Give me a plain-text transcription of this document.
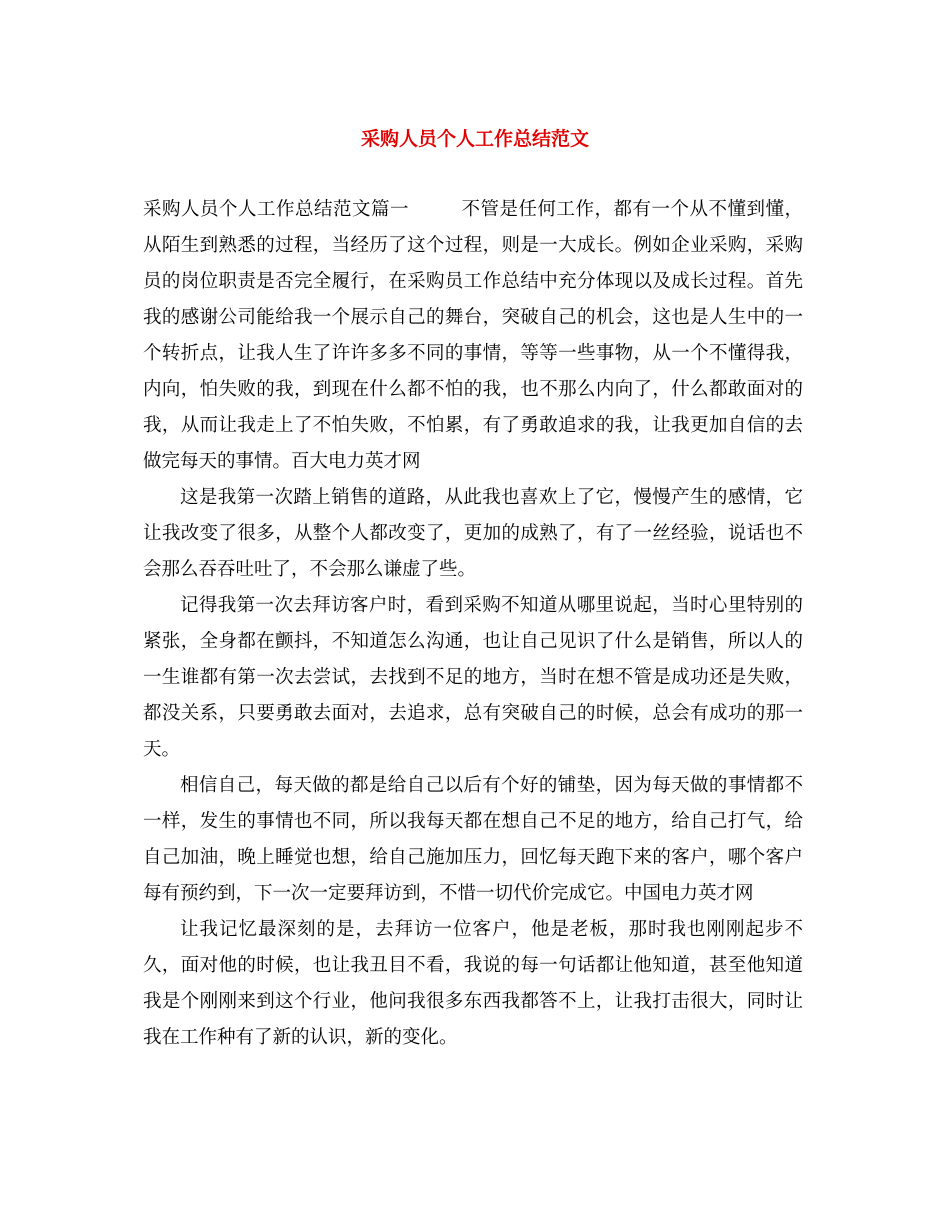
采购人员个人工作总结范文

采购人员个人工作总结范文篇一	不管是任何工作，都有一个从不懂到懂，从陌生到熟悉的过程，当经历了这个过程，则是一大成长。例如企业采购，采购员的岗位职责是否完全履行，在采购员工作总结中充分体现以及成长过程。首先我的感谢公司能给我一个展示自己的舞台，突破自己的机会，这也是人生中的一个转折点，让我人生了许许多多不同的事情，等等一些事物，从一个不懂得我，内向，怕失败的我，到现在什么都不怕的我，也不那么内向了，什么都敢面对的我，从而让我走上了不怕失败，不怕累，有了勇敢追求的我，让我更加自信的去做完每天的事情。百大电力英才网

这是我第一次踏上销售的道路，从此我也喜欢上了它，慢慢产生的感情，它让我改变了很多，从整个人都改变了，更加的成熟了，有了一丝经验，说话也不会那么吞吞吐吐了，不会那么谦虚了些。

记得我第一次去拜访客户时，看到采购不知道从哪里说起，当时心里特别的紧张，全身都在颤抖，不知道怎么沟通，也让自己见识了什么是销售，所以人的一生谁都有第一次去尝试，去找到不足的地方，当时在想不管是成功还是失败，都没关系，只要勇敢去面对，去追求，总有突破自己的时候，总会有成功的那一天。

相信自己，每天做的都是给自己以后有个好的铺垫，因为每天做的事情都不一样，发生的事情也不同，所以我每天都在想自己不足的地方，给自己打气，给自己加油，晚上睡觉也想，给自己施加压力，回忆每天跑下来的客户，哪个客户每有预约到，下一次一定要拜访到，不惜一切代价完成它。中国电力英才网

让我记忆最深刻的是，去拜访一位客户，他是老板，那时我也刚刚起步不久，面对他的时候，也让我丑目不看，我说的每一句话都让他知道，甚至他知道我是个刚刚来到这个行业，他问我很多东西我都答不上，让我打击很大，同时让我在工作种有了新的认识，新的变化。
